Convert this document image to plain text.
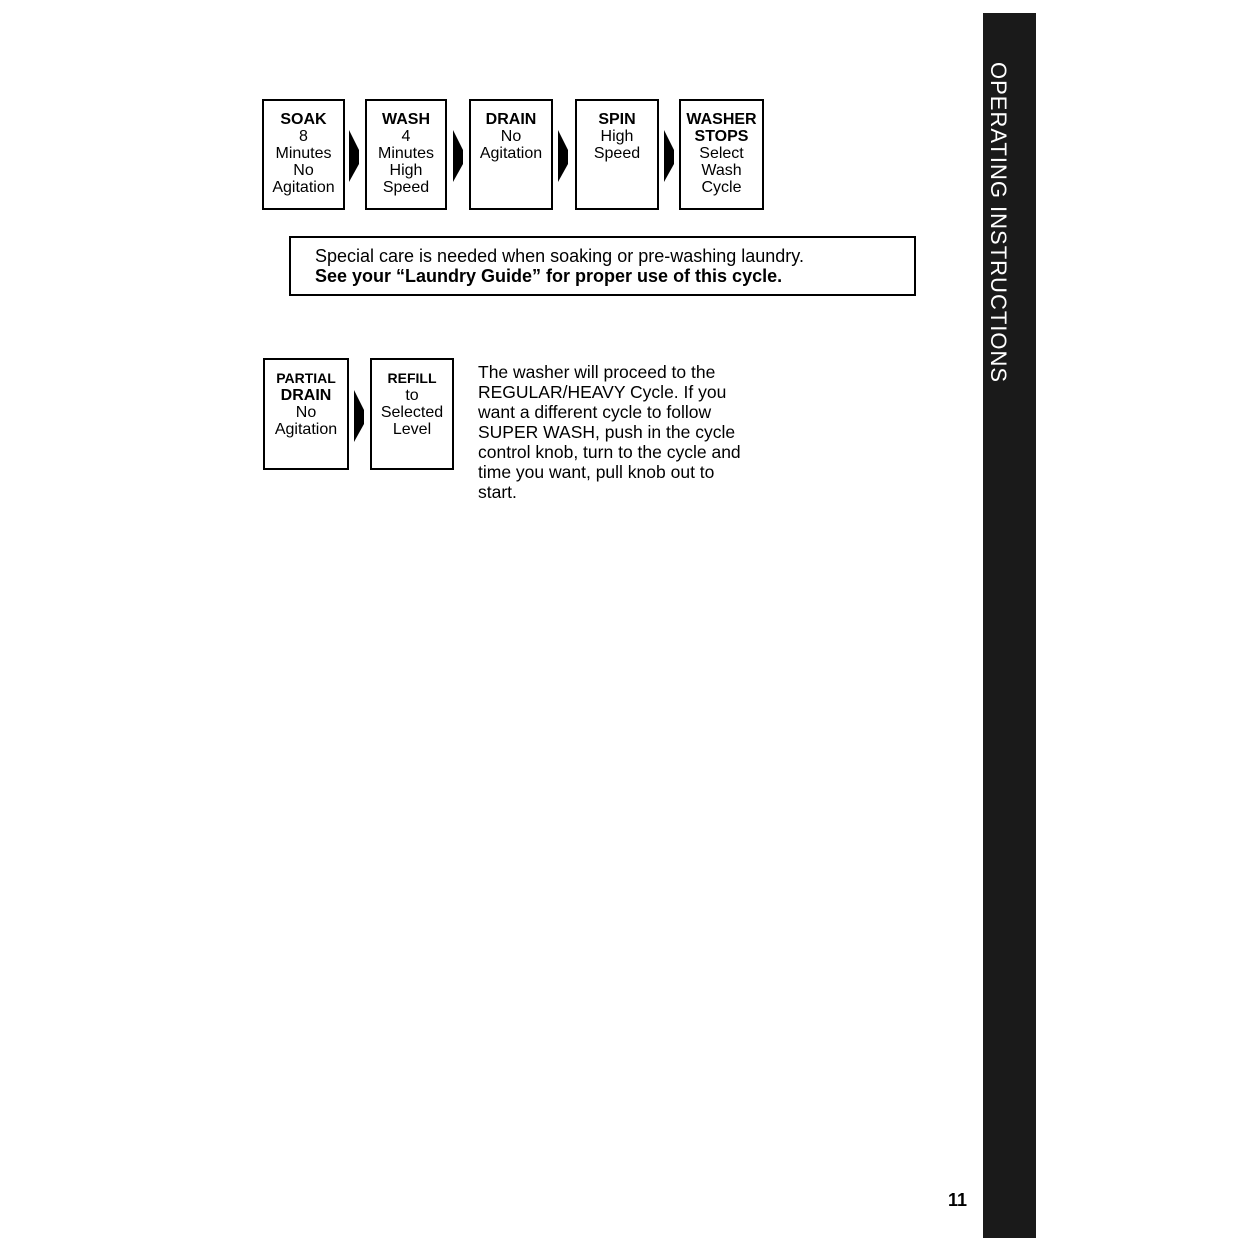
SOAK
8
Minutes
No
Agitation
WASH
4
Minutes
High
Speed
DRAIN
No
Agitation
SPIN
High
Speed
WASHER
STOPS
Select
Wash
Cycle
Special care is needed when soaking or pre-washing laundry.
See your “Laundry Guide” for proper use of this cycle.
PARTIAL
DRAIN
No
Agitation
REFILL
to
Selected
Level
The washer will proceed to the
REGULAR/HEAVY Cycle. If you
want a different cycle to follow
SUPER WASH, push in the cycle
control knob, turn to the cycle and
time you want, pull knob out to
start.
11
OPERATING INSTRUCTIONS
